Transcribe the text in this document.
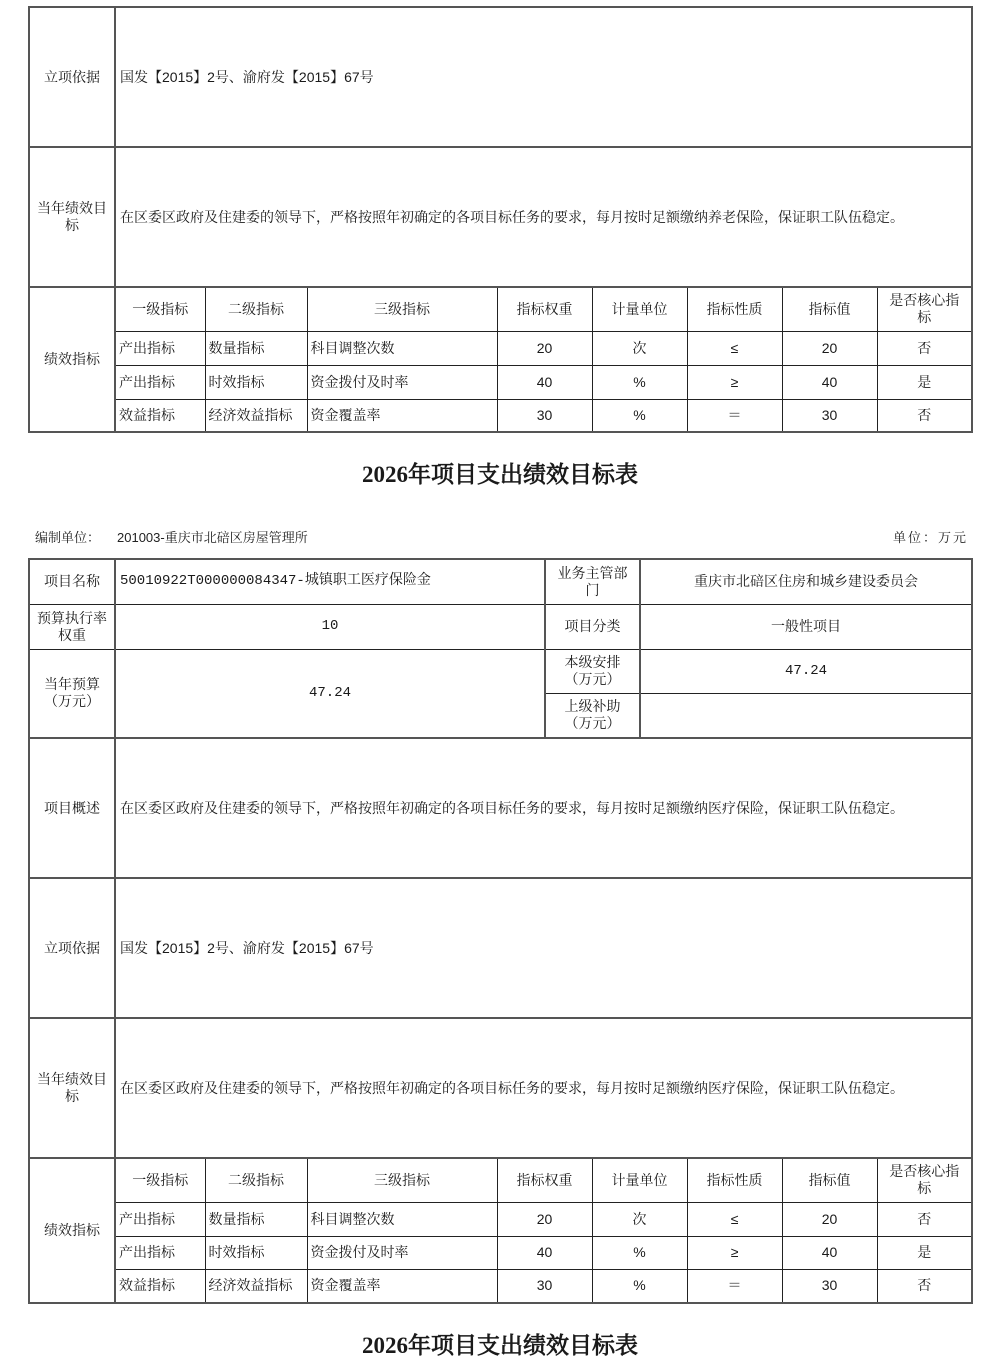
立项依据	国发【2015】2号、渝府发【2015】67号							
当年绩效目标	在区委区政府及住建委的领导下，严格按照年初确定的各项目标任务的要求，每月按时足额缴纳养老保险，保证职工队伍稳定。							
绩效指标	一级指标	二级指标	三级指标	指标权重	计量单位	指标性质	指标值	是否核心指标
	产出指标	数量指标	科目调整次数	20	次	≤	20	否
	产出指标	时效指标	资金拨付及时率	40	%	≥	40	是
	效益指标	经济效益指标	资金覆盖率	30	%	＝	30	否
2026年项目支出绩效目标表
编制单位： 201003-重庆市北碚区房屋管理所	单位：万元
项目名称	50010922T000000084347-城镇职工医疗保险金				业务主管部门		重庆市北碚区住房和城乡建设委员会			
预算执行率权重	10				项目分类		一般性项目			
当年预算（万元）	47.24				本级安排（万元）		47.24			
					上级补助（万元）					
项目概述	在区委区政府及住建委的领导下，严格按照年初确定的各项目标任务的要求，每月按时足额缴纳医疗保险，保证职工队伍稳定。									
立项依据	国发【2015】2号、渝府发【2015】67号									
当年绩效目标	在区委区政府及住建委的领导下，严格按照年初确定的各项目标任务的要求，每月按时足额缴纳医疗保险，保证职工队伍稳定。									
绩效指标	一级指标	二级指标	三级指标	指标权重		计量单位		指标性质	指标值	是否核心指标
	产出指标	数量指标	科目调整次数	20		次		≤	20	否
	产出指标	时效指标	资金拨付及时率	40		%		≥	40	是
	效益指标	经济效益指标	资金覆盖率	30		%		＝	30	否
2026年项目支出绩效目标表
